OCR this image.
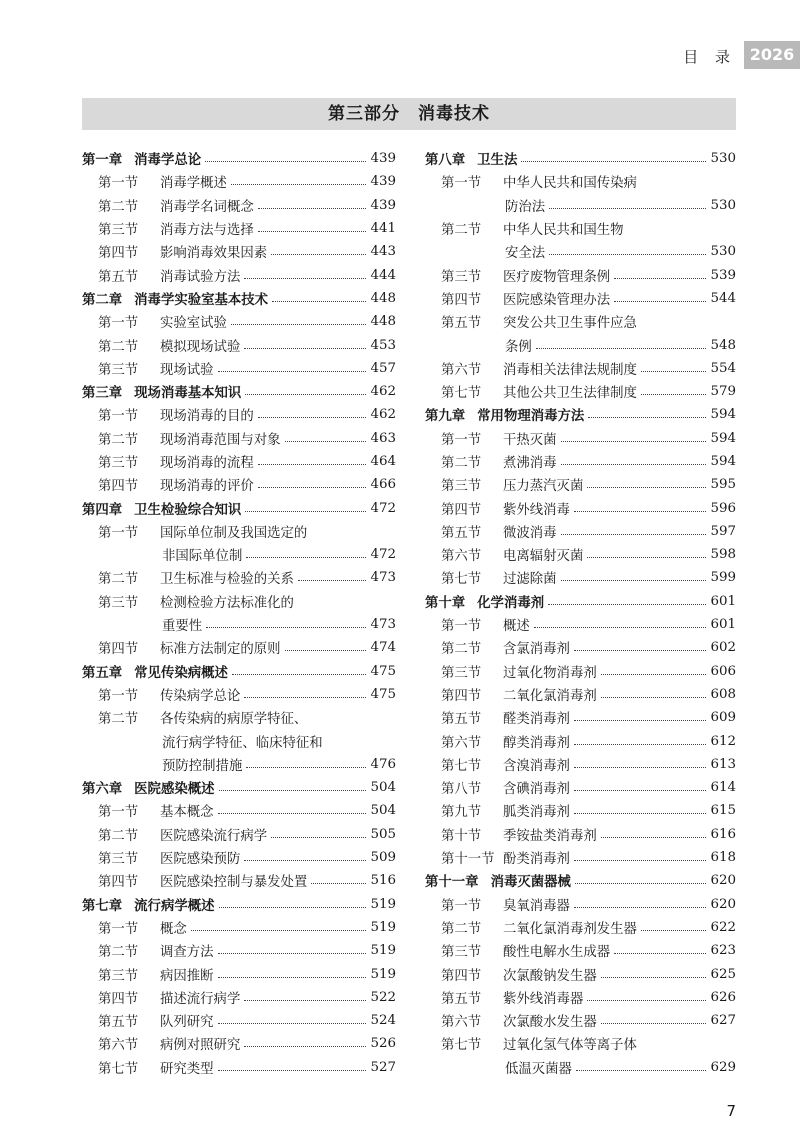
目 录 2026
第三部分　消毒技术
第一章 消毒学总论	439
第一节	消毒学概述	439
第二节	消毒学名词概念	439
第三节	消毒方法与选择	441
第四节	影响消毒效果因素	443
第五节	消毒试验方法	444
第二章 消毒学实验室基本技术	448
第一节	实验室试验	448
第二节	模拟现场试验	453
第三节	现场试验	457
第三章 现场消毒基本知识	462
第一节	现场消毒的目的	462
第二节	现场消毒范围与对象	463
第三节	现场消毒的流程	464
第四节	现场消毒的评价	466
第四章 卫生检验综合知识	472
第一节	国际单位制及我国选定的
非国际单位制	472
第二节	卫生标准与检验的关系	473
第三节	检测检验方法标准化的
重要性	473
第四节	标准方法制定的原则	474
第五章 常见传染病概述	475
第一节	传染病学总论	475
第二节	各传染病的病原学特征、
流行病学特征、临床特征和
预防控制措施	476
第六章 医院感染概述	504
第一节	基本概念	504
第二节	医院感染流行病学	505
第三节	医院感染预防	509
第四节	医院感染控制与暴发处置	516
第七章 流行病学概述	519
第一节	概念	519
第二节	调查方法	519
第三节	病因推断	519
第四节	描述流行病学	522
第五节	队列研究	524
第六节	病例对照研究	526
第七节	研究类型	527
第八章 卫生法	530
第一节	中华人民共和国传染病
防治法	530
第二节	中华人民共和国生物
安全法	530
第三节	医疗废物管理条例	539
第四节	医院感染管理办法	544
第五节	突发公共卫生事件应急
条例	548
第六节	消毒相关法律法规制度	554
第七节	其他公共卫生法律制度	579
第九章 常用物理消毒方法	594
第一节	干热灭菌	594
第二节	煮沸消毒	594
第三节	压力蒸汽灭菌	595
第四节	紫外线消毒	596
第五节	微波消毒	597
第六节	电离辐射灭菌	598
第七节	过滤除菌	599
第十章 化学消毒剂	601
第一节	概述	601
第二节	含氯消毒剂	602
第三节	过氧化物消毒剂	606
第四节	二氧化氯消毒剂	608
第五节	醛类消毒剂	609
第六节	醇类消毒剂	612
第七节	含溴消毒剂	613
第八节	含碘消毒剂	614
第九节	胍类消毒剂	615
第十节	季铵盐类消毒剂	616
第十一节 酚类消毒剂	618
第十一章 消毒灭菌器械	620
第一节	臭氧消毒器	620
第二节	二氧化氯消毒剂发生器	622
第三节	酸性电解水生成器	623
第四节	次氯酸钠发生器	625
第五节	紫外线消毒器	626
第六节	次氯酸水发生器	627
第七节	过氧化氢气体等离子体
低温灭菌器	629
7
